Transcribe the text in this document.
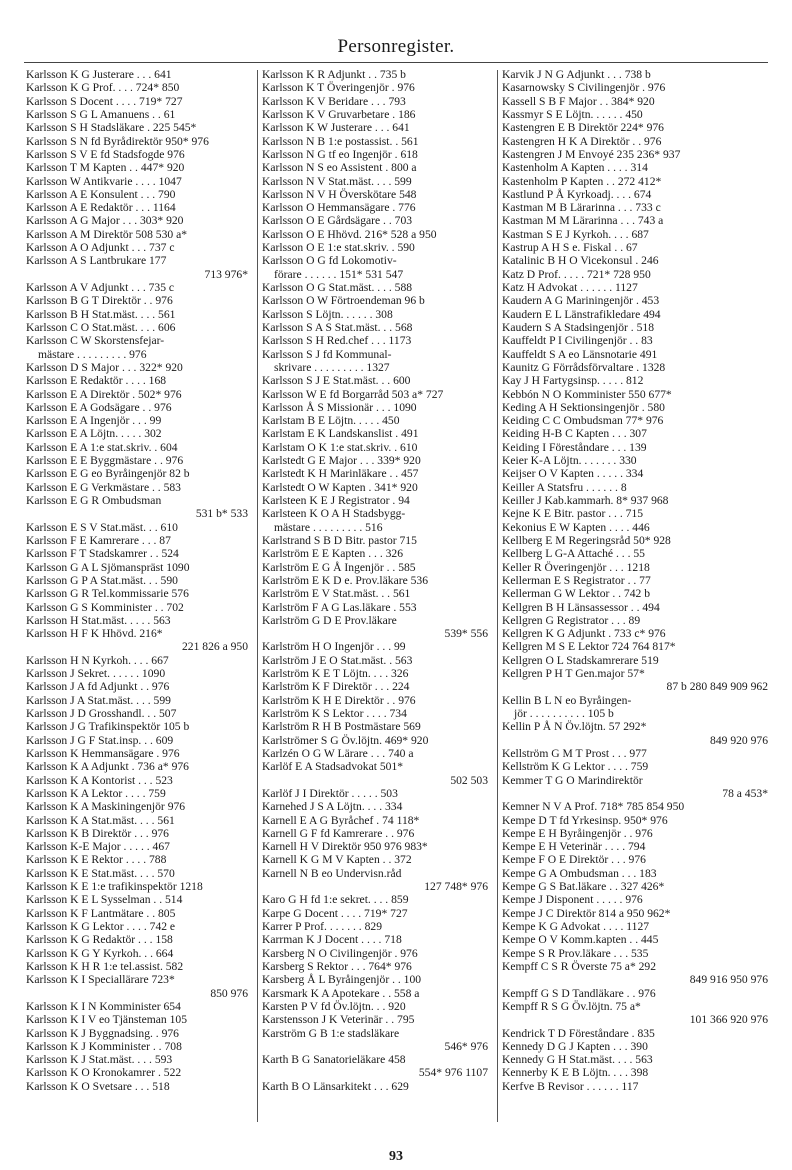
Personregister.
Karlsson K G Justerare . . . 641
Karlsson K G Prof. . . . 724* 850
Karlsson S Docent . . . . 719* 727
Karlsson S G L Amanuens . . 61
Karlsson S H Stadsläkare . 225 545*
Karlsson S N fd Byrådirektör 950* 976
Karlsson S V E fd Stadsfogde 976
Karlsson T M Kapten . . 447* 920
Karlsson W Antikvarie . . . . 1047
Karlsson A E Konsulent . . . 790
Karlsson A E Redaktör . . . 1164
Karlsson A G Major . . . 303* 920
Karlsson A M Direktör 508 530 a*
Karlsson A O Adjunkt . . . 737 c
Karlsson A S Lantbrukare 177
713 976*
Karlsson A V Adjunkt . . . 735 c
Karlsson B G T Direktör . . 976
Karlsson B H Stat.mäst. . . . 561
Karlsson C O Stat.mäst. . . . 606
Karlsson C W Skorstensfejar-
mästare . . . . . . . . . 976
Karlsson D S Major . . . 322* 920
Karlsson E Redaktör . . . . 168
Karlsson E A Direktör . 502* 976
Karlsson E A Godsägare . . 976
Karlsson E A Ingenjör . . . 99
Karlsson E A Löjtn. . . . . 302
Karlsson E A 1:e stat.skriv. . 604
Karlsson E E Byggmästare . . 976
Karlsson E G eo Byråingenjör 82 b
Karlsson E G Verkmästare . . 583
Karlsson E G R Ombudsman
531 b* 533
Karlsson E S V Stat.mäst. . . 610
Karlsson F E Kamrerare . . . 87
Karlsson F T Stadskamrer . . 524
Karlsson G A L Sjömanspräst 1090
Karlsson G P A Stat.mäst. . . 590
Karlsson G R Tel.kommissarie 576
Karlsson G S Komminister . . 702
Karlsson H Stat.mäst. . . . . 563
Karlsson H F K Hhövd. 216*
221 826 a 950
Karlsson H N Kyrkoh. . . . 667
Karlsson J Sekret. . . . . . 1090
Karlsson J A fd Adjunkt . . 976
Karlsson J A Stat.mäst. . . . 599
Karlsson J D Grosshandl. . . 507
Karlsson J G Trafikinspektör 105 b
Karlsson J G F Stat.insp. . . 609
Karlsson K Hemmansägare . 976
Karlsson K A Adjunkt . 736 a* 976
Karlsson K A Kontorist . . . 523
Karlsson K A Lektor . . . . 759
Karlsson K A Maskiningenjör 976
Karlsson K A Stat.mäst. . . . 561
Karlsson K B Direktör . . . 976
Karlsson K-E Major . . . . . 467
Karlsson K E Rektor . . . . 788
Karlsson K E Stat.mäst. . . . 570
Karlsson K E 1:e trafikinspektör 1218
Karlsson K E L Sysselman . . 514
Karlsson K F Lantmätare . . 805
Karlsson K G Lektor . . . . 742 e
Karlsson K G Redaktör . . . 158
Karlsson K G Y Kyrkoh. . . 664
Karlsson K H R 1:e tel.assist. 582
Karlsson K I Speciallärare 723*
850 976
Karlsson K I N Komminister 654
Karlsson K I V eo Tjänsteman 105
Karlsson K J Byggnadsing. . 976
Karlsson K J Komminister . . 708
Karlsson K J Stat.mäst. . . . 593
Karlsson K O Kronokamrer . 522
Karlsson K O Svetsare . . . 518
Karlsson K R Adjunkt . . 735 b
Karlsson K T Överingenjör . 976
Karlsson K V Beridare . . . 793
Karlsson K V Gruvarbetare . 186
Karlsson K W Justerare . . . 641
Karlsson N B 1:e postassist. . 561
Karlsson N G tf eo Ingenjör . 618
Karlsson N S eo Assistent . 800 a
Karlsson N V Stat.mäst. . . . 599
Karlsson N V H Överskötare 548
Karlsson O Hemmansägare . 776
Karlsson O E Gårdsägare . . 703
Karlsson O E Hhövd. 216* 528 a 950
Karlsson O E 1:e stat.skriv. . 590
Karlsson O G fd Lokomotiv-
förare . . . . . . 151* 531 547
Karlsson O G Stat.mäst. . . . 588
Karlsson O W Förtroendeman 96 b
Karlsson S Löjtn. . . . . . 308
Karlsson S A S Stat.mäst. . . 568
Karlsson S H Red.chef . . . 1173
Karlsson S J fd Kommunal-
skrivare . . . . . . . . . 1327
Karlsson S J E Stat.mäst. . . 600
Karlsson W E fd Borgarråd 503 a* 727
Karlsson Å S Missionär . . . 1090
Karlstam B E Löjtn. . . . . 450
Karlstam E K Landskanslist . 491
Karlstam O K 1:e stat.skriv. . 610
Karlstedt G E Major . . . 339* 920
Karlstedt K H Marinläkare . . 457
Karlstedt O W Kapten . 341* 920
Karlsteen K E J Registrator . 94
Karlsteen K O A H Stadsbygg-
mästare . . . . . . . . . 516
Karlstrand S B D Bitr. pastor 715
Karlström E E Kapten . . . 326
Karlström E G Å Ingenjör . . 585
Karlström E K D e. Prov.läkare 536
Karlström E V Stat.mäst. . . 561
Karlström F A G Las.läkare . 553
Karlström G D E Prov.läkare
539* 556
Karlström H O Ingenjör . . . 99
Karlström J E O Stat.mäst. . 563
Karlström K E T Löjtn. . . . 326
Karlström K F Direktör . . . 224
Karlström K H E Direktör . . 976
Karlström K S Lektor . . . . 734
Karlström R H B Postmästare 569
Karlströmer S G Öv.löjtn. 469* 920
Karlzén O G W Lärare . . . 740 a
Karlöf E A Stadsadvokat 501*
502 503
Karlöf J I Direktör . . . . . 503
Karnehed J S A Löjtn. . . . 334
Karnell E A G Byråchef . 74 118*
Karnell G F fd Kamrerare . . 976
Karnell H V Direktör 950 976 983*
Karnell K G M V Kapten . . 372
Karnell N B eo Undervisn.råd
127 748* 976
Karo G H fd 1:e sekret. . . . 859
Karpe G Docent . . . . 719* 727
Karrer P Prof. . . . . . . 829
Karrman K J Docent . . . . 718
Karsberg N O Civilingenjör . 976
Karsberg S Rektor . . . 764* 976
Karsberg Å L Byråingenjör . . 100
Karsmark K A Apotekare . . 558 a
Karsten P V fd Öv.löjtn. . . 920
Karstensson J K Veterinär . . 795
Karström G B 1:e stadsläkare
546* 976
Karth B G Sanatorieläkare 458
554* 976 1107
Karth B O Länsarkitekt . . . 629
Karvik J N G Adjunkt . . . 738 b
Kasarnowsky S Civilingenjör . 976
Kassell S B F Major . . 384* 920
Kassmyr S E Löjtn. . . . . . 450
Kastengren E B Direktör 224* 976
Kastengren H K A Direktör . . 976
Kastengren J M Envoyé 235 236* 937
Kastenholm A Kapten . . . . 314
Kastenholm P Kapten . . 272 412*
Kastlund P Å Kyrkoadj. . . . 674
Kastman M B Lärarinna . . . 733 c
Kastman M M Lärarinna . . . 743 a
Kastman S E J Kyrkoh. . . . 687
Kastrup A H S e. Fiskal . . 67
Katalinic B H O Vicekonsul . 246
Katz D Prof. . . . . 721* 728 950
Katz H Advokat . . . . . . 1127
Kaudern A G Mariningenjör . 453
Kaudern E L Länstrafikledare 494
Kaudern S A Stadsingenjör . 518
Kauffeldt P I Civilingenjör . . 83
Kauffeldt S A eo Länsnotarie 491
Kaunitz G Förrådsförvaltare . 1328
Kay J H Fartygsinsp. . . . . 812
Kebbón N O Komminister 550 677*
Keding A H Sektionsingenjör . 580
Keiding C C Ombudsman 77* 976
Keiding H-B C Kapten . . . 307
Keiding I Föreståndare . . . 139
Keier K-A Löjtn. . . . . . . 330
Keijser O V Kapten . . . . . 334
Keiller A Statsfru . . . . . . 8
Keiller J Kab.kammarh. 8* 937 968
Kejne K E Bitr. pastor . . . 715
Kekonius E W Kapten . . . . 446
Kellberg E M Regeringsråd 50* 928
Kellberg L G-A Attaché . . . 55
Keller R Överingenjör . . . 1218
Kellerman E S Registrator . . 77
Kellerman G W Lektor . . 742 b
Kellgren B H Länsassessor . . 494
Kellgren G Registrator . . . 89
Kellgren K G Adjunkt . 733 c* 976
Kellgren M S E Lektor 724 764 817*
Kellgren O L Stadskamrerare 519
Kellgren P H T Gen.major 57*
87 b 280 849 909 962
Kellin B L N eo Byråingen-
jör . . . . . . . . . . 105 b
Kellin P Å N Öv.löjtn. 57 292*
849 920 976
Kellström G M T Prost . . . 977
Kellström K G Lektor . . . . 759
Kemmer T G O Marindirektör
78 a 453*
Kemner N V A Prof. 718* 785 854 950
Kempe D T fd Yrkesinsp. 950* 976
Kempe E H Byråingenjör . . 976
Kempe E H Veterinär . . . . 794
Kempe F O E Direktör . . . 976
Kempe G A Ombudsman . . . 183
Kempe G S Bat.läkare . . 327 426*
Kempe J Disponent . . . . . 976
Kempe J C Direktör 814 a 950 962*
Kempe K G Advokat . . . . 1127
Kempe O V Komm.kapten . . 445
Kempe S R Prov.läkare . . . 535
Kempff C S R Överste 75 a* 292
849 916 950 976
Kempff G S D Tandläkare . . 976
Kempff R S G Öv.löjtn. 75 a*
101 366 920 976
Kendrick T D Föreståndare . 835
Kennedy D G J Kapten . . . 390
Kennedy G H Stat.mäst. . . . 563
Kennerby K E B Löjtn. . . . 398
Kerfve B Revisor . . . . . . 117
93
